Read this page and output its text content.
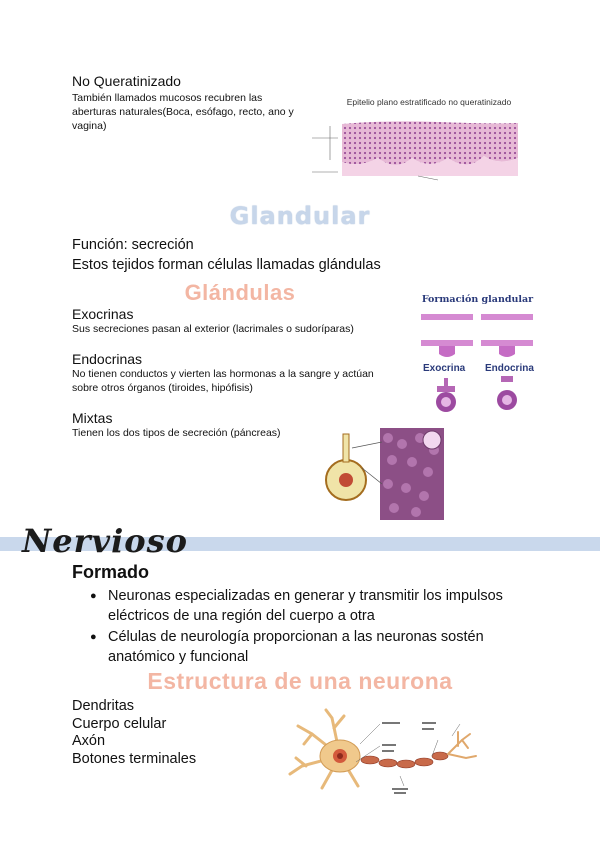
No Queratinizado
También llamados mucosos recubren las aberturas naturales(Boca, esófago, recto, ano y vagina)
Epitelio plano estratificado no queratinizado
Glandular
Función: secreción
Estos tejidos forman células llamadas glándulas
Glándulas
Exocrinas
Sus secreciones pasan al exterior (lacrimales o sudoríparas)
Endocrinas
No tienen conductos y vierten las hormonas a la sangre y actúan sobre otros órganos (tiroides, hipófisis)
Mixtas
Tienen los dos tipos de secreción (páncreas)
Formación glandular
Exocrina Endocrina
Nervioso
Formado
● Neuronas especializadas en generar y transmitir los impulsos eléctricos de una región del cuerpo a otra
● Células de neurología proporcionan a las neuronas sostén anatómico y funcional
Estructura de una neurona
Dendritas
Cuerpo celular
Axón
Botones terminales
